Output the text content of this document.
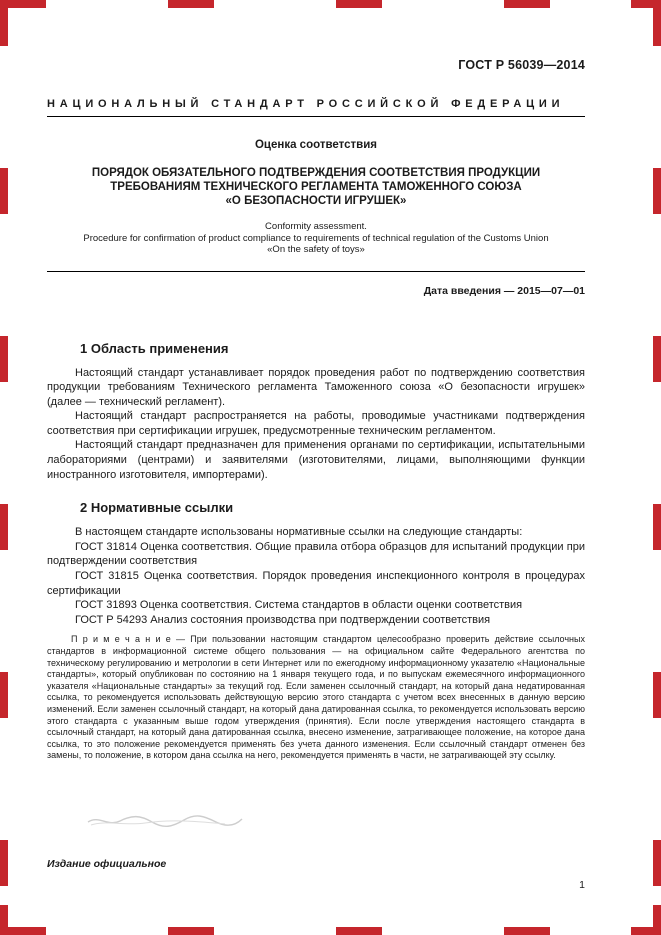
ГОСТ Р 56039—2014
НАЦИОНАЛЬНЫЙ СТАНДАРТ РОССИЙСКОЙ ФЕДЕРАЦИИ
Оценка соответствия
ПОРЯДОК ОБЯЗАТЕЛЬНОГО ПОДТВЕРЖДЕНИЯ СООТВЕТСТВИЯ ПРОДУКЦИИ
ТРЕБОВАНИЯМ ТЕХНИЧЕСКОГО РЕГЛАМЕНТА ТАМОЖЕННОГО СОЮЗА
«О БЕЗОПАСНОСТИ ИГРУШЕК»
Conformity assessment.
Procedure for confirmation of product compliance to requirements of technical regulation of the Customs Union
«On the safety of toys»
Дата введения — 2015—07—01
1 Область применения

Настоящий стандарт устанавливает порядок проведения работ по подтверждению соответствия продукции требованиям Технического регламента Таможенного союза «О безопасности игрушек» (далее — технический регламент).

Настоящий стандарт распространяется на работы, проводимые участниками подтверждения соответствия при сертификации игрушек, предусмотренные техническим регламентом.

Настоящий стандарт предназначен для применения органами по сертификации, испытательными лабораториями (центрами) и заявителями (изготовителями, лицами, выполняющими функции иностранного изготовителя, импортерами).

2 Нормативные ссылки

В настоящем стандарте использованы нормативные ссылки на следующие стандарты:

ГОСТ 31814 Оценка соответствия. Общие правила отбора образцов для испытаний продукции при подтверждении соответствия

ГОСТ 31815 Оценка соответствия. Порядок проведения инспекционного контроля в процедурах сертификации

ГОСТ 31893 Оценка соответствия. Система стандартов в области оценки соответствия

ГОСТ Р 54293 Анализ состояния производства при подтверждении соответствия

П р и м е ч а н и е — При пользовании настоящим стандартом целесообразно проверить действие ссылочных стандартов в информационной системе общего пользования — на официальном сайте Федерального агентства по техническому регулированию и метрологии в сети Интернет или по ежегодному информационному указателю «Национальные стандарты», который опубликован по состоянию на 1 января текущего года, и по выпускам ежемесячного информационного указателя «Национальные стандарты» за текущий год. Если заменен ссылочный стандарт, на который дана недатированная ссылка, то рекомендуется использовать действующую версию этого стандарта с учетом всех внесенных в данную версию изменений. Если заменен ссылочный стандарт, на который дана датированная ссылка, то рекомендуется использовать версию этого стандарта с указанным выше годом утверждения (принятия). Если после утверждения настоящего стандарта в ссылочный стандарт, на который дана датированная ссылка, внесено изменение, затрагивающее положение, на которое дана ссылка, то это положение рекомендуется применять без учета данного изменения. Если ссылочный стандарт отменен без замены, то положение, в котором дана ссылка на него, рекомендуется применять в части, не затрагивающей эту ссылку.

Издание официальное
1
